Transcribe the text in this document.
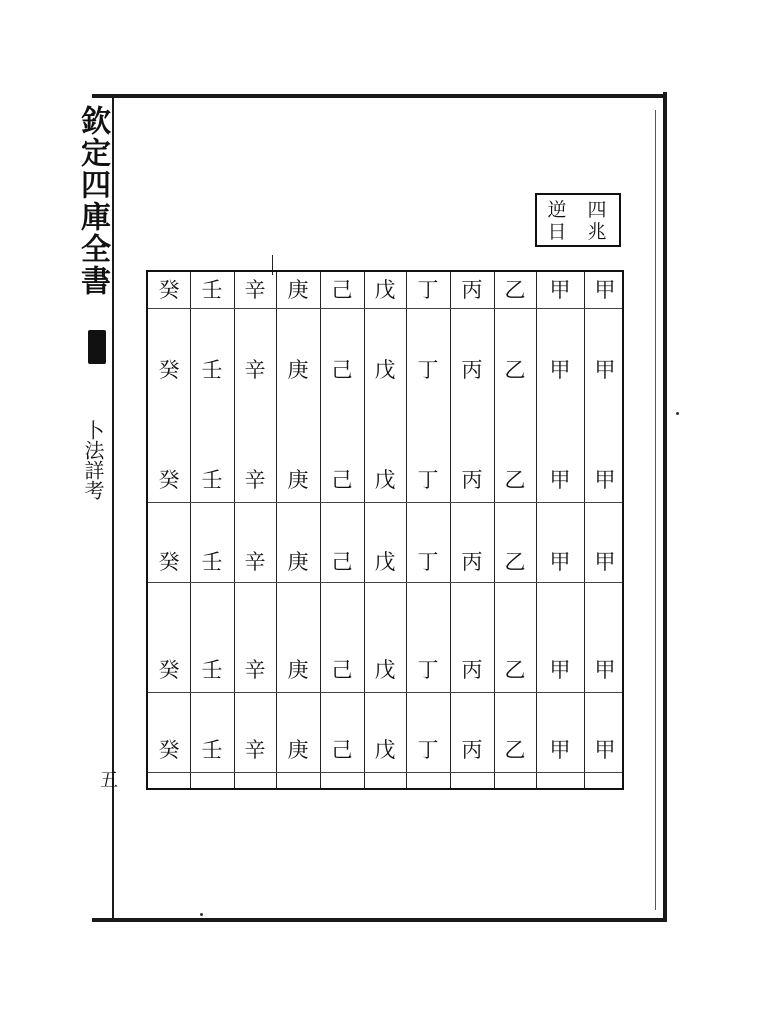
欽定四庫全書
卜法詳考
五
四
兆
逆
日
甲
甲
乙
丙
丁
戊
己
庚
辛
壬
癸
甲
甲
乙
丙
丁
戊
己
庚
辛
壬
癸
甲
甲
乙
丙
丁
戊
己
庚
辛
壬
癸
甲
甲
乙
丙
丁
戊
己
庚
辛
壬
癸
甲
甲
乙
丙
丁
戊
己
庚
辛
壬
癸
甲
甲
乙
丙
丁
戊
己
庚
辛
壬
癸
